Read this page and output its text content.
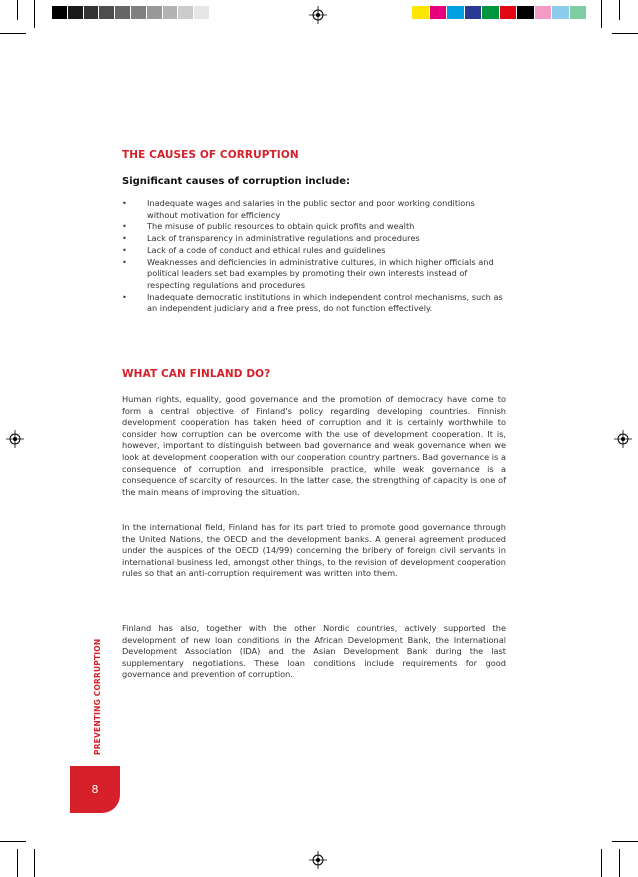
THE CAUSES OF CORRUPTION
Significant causes of corruption include:
• Inadequate wages and salaries in the public sector and poor working conditions without motivation for efficiency
• The misuse of public resources to obtain quick profits and wealth
• Lack of transparency in administrative regulations and procedures
• Lack of a code of conduct and ethical rules and guidelines
• Weaknesses and deficiencies in administrative cultures, in which higher officials and political leaders set bad examples by promoting their own interests instead of respecting regulations and procedures
• Inadequate democratic institutions in which independent control mechanisms, such as an independent judiciary and a free press, do not function effectively.
WHAT CAN FINLAND DO?

Human rights, equality, good governance and the promotion of democracy have come to form a central objective of Finland's policy regarding developing countries. Finnish development cooperation has taken heed of corruption and it is certainly worthwhile to consider how corruption can be overcome with the use of development cooperation. It is, however, important to distinguish between bad governance and weak governance when we look at development cooperation with our cooperation country partners. Bad governance is a consequence of corruption and irresponsible practice, while weak governance is a consequence of scarcity of resources. In the latter case, the strengthing of capacity is one of the main means of improving the situation.

In the international field, Finland has for its part tried to promote good governance through the United Nations, the OECD and the development banks. A general agreement produced under the auspices of the OECD (14/99) concerning the bribery of foreign civil servants in international business led, amongst other things, to the revision of development cooperation rules so that an anti-corruption requirement was written into them.

Finland has also, together with the other Nordic countries, actively supported the development of new loan conditions in the African Development Bank, the International Development Association (IDA) and the Asian Development Bank during the last supplementary negotiations. These loan conditions include requirements for good governance and prevention of corruption.

PREVENTING CORRUPTION
8
